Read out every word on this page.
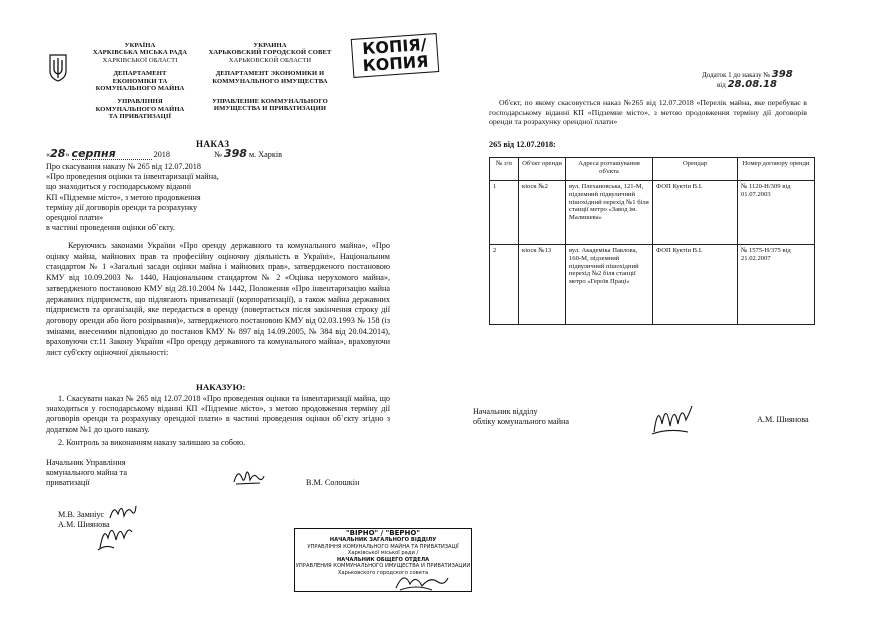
УКРАЇНА
ХАРКІВСЬКА МІСЬКА РАДА
ХАРКІВСЬКОЇ ОБЛАСТІ
ДЕПАРТАМЕНТ
ЕКОНОМІКИ ТА
КОМУНАЛЬНОГО МАЙНА
УПРАВЛІННЯ
КОМУНАЛЬНОГО МАЙНА
ТА ПРИВАТИЗАЦІЇ
УКРАИНА
ХАРЬКОВСКИЙ ГОРОДСКОЙ СОВЕТ
ХАРЬКОВСКОЙ ОБЛАСТИ
ДЕПАРТАМЕНТ ЭКОНОМИКИ И
КОММУНАЛЬНОГО ИМУЩЕСТВА
УПРАВЛЕНИЕ КОММУНАЛЬНОГО
ИМУЩЕСТВА И ПРИВАТИЗАЦИИ
КОПІЯ/
КОПИЯ
НАКАЗ
«28» серпня	2018	№ 398 м. Харків
Про скасування наказу № 265 від 12.07.2018
«Про проведення оцінки та інвентаризації майна,
що знаходиться у господарському віданні
КП «Підземне місто», з метою продовження
терміну дії договорів оренди та розрахунку
орендної плати»
в частині проведення оцінки об`єкту.
Керуючись законами України «Про оренду державного та комунального майна», «Про оцінку майна, майнових прав та професійну оціночну діяльність в Україні», Національним стандартом № 1 «Загальні засади оцінки майна і майнових прав», затвердженого постановою КМУ від 10.09.2003 № 1440, Національним стандартом № 2 «Оцінка нерухомого майна», затвердженого постановою КМУ від 28.10.2004 № 1442, Положення «Про інвентаризацію майна державних підприємств, що підлягають приватизації (корпоратизації), а також майна державних підприємств та організацій, яке передається в оренду (повертається після закінчення строку дії договору оренди або його розірвання)», затвердженого постановою КМУ від 02.03.1993 № 158 (із змінами, внесеними відповідно до постанов КМУ № 897 від 14.09.2005, № 384 від 20.04.2014), враховуючи ст.11 Закону України «Про оренду державного та комунального майна», враховуючи лист суб'єкту оціночної діяльності:
НАКАЗУЮ:
1. Скасувати наказ № 265 від 12.07.2018 «Про проведення оцінки та інвентаризації майна, що знаходиться у господарському віданні КП «Підземне місто», з метою продовження терміну дії договорів оренди та розрахунку орендної плати» в частині проведення оцінки об`єкту згідно з додатком №1 до цього наказу.
2. Контроль за виконанням наказу залишаю за собою.
Начальник Управління
комунального майна та
приватизації	В.М. Солошкін
М.В. Замніус
А.М. Шиянова
"ВІРНО" / "ВЕРНО"
НАЧАЛЬНИК ЗАГАЛЬНОГО ВІДДІЛУ
УПРАВЛІННЯ КОМУНАЛЬНОГО МАЙНА ТА ПРИВАТИЗАЦІЇ
Харківської міської ради /
НАЧАЛЬНИК ОБЩЕГО ОТДЕЛА
УПРАВЛЕНИЯ КОММУНАЛЬНОГО ИМУЩЕСТВА И ПРИВАТИЗАЦИИ
Харьковского городского совета
Додаток 1 до наказу № 398
від 28.08.18
Об'єкт, по якому скасовується наказ №265 від 12.07.2018 «Перелік майна, яке перебуває в господарському віданні КП «Підземне місто», з метою продовження терміну дії договорів оренди та розрахунку орендної плати»
265 від 12.07.2018:
№ з/п	Об'єкт оренди	Адреса розташування об'єкта	Орендар	Номер договору оренди
1	кіоск №2	вул. Плехановська, 121-М, підземний підвуличний пішохідний перехід №1 біля станції метро «Завод ім. Малишева»	ФОП Куктін В.І.	№ 1120-Н/309 від 01.07.2003
2	кіоск №13	вул. Академіка Павлова, 160-М, підземний підвуличний пішохідний перехід №2 біля станції метро «Героїв Праці»	ФОП Куктін В.І.	№ 1575-Н/375 від 21.02.2007
Начальник відділу
обліку комунального майна	А.М. Шиянова
